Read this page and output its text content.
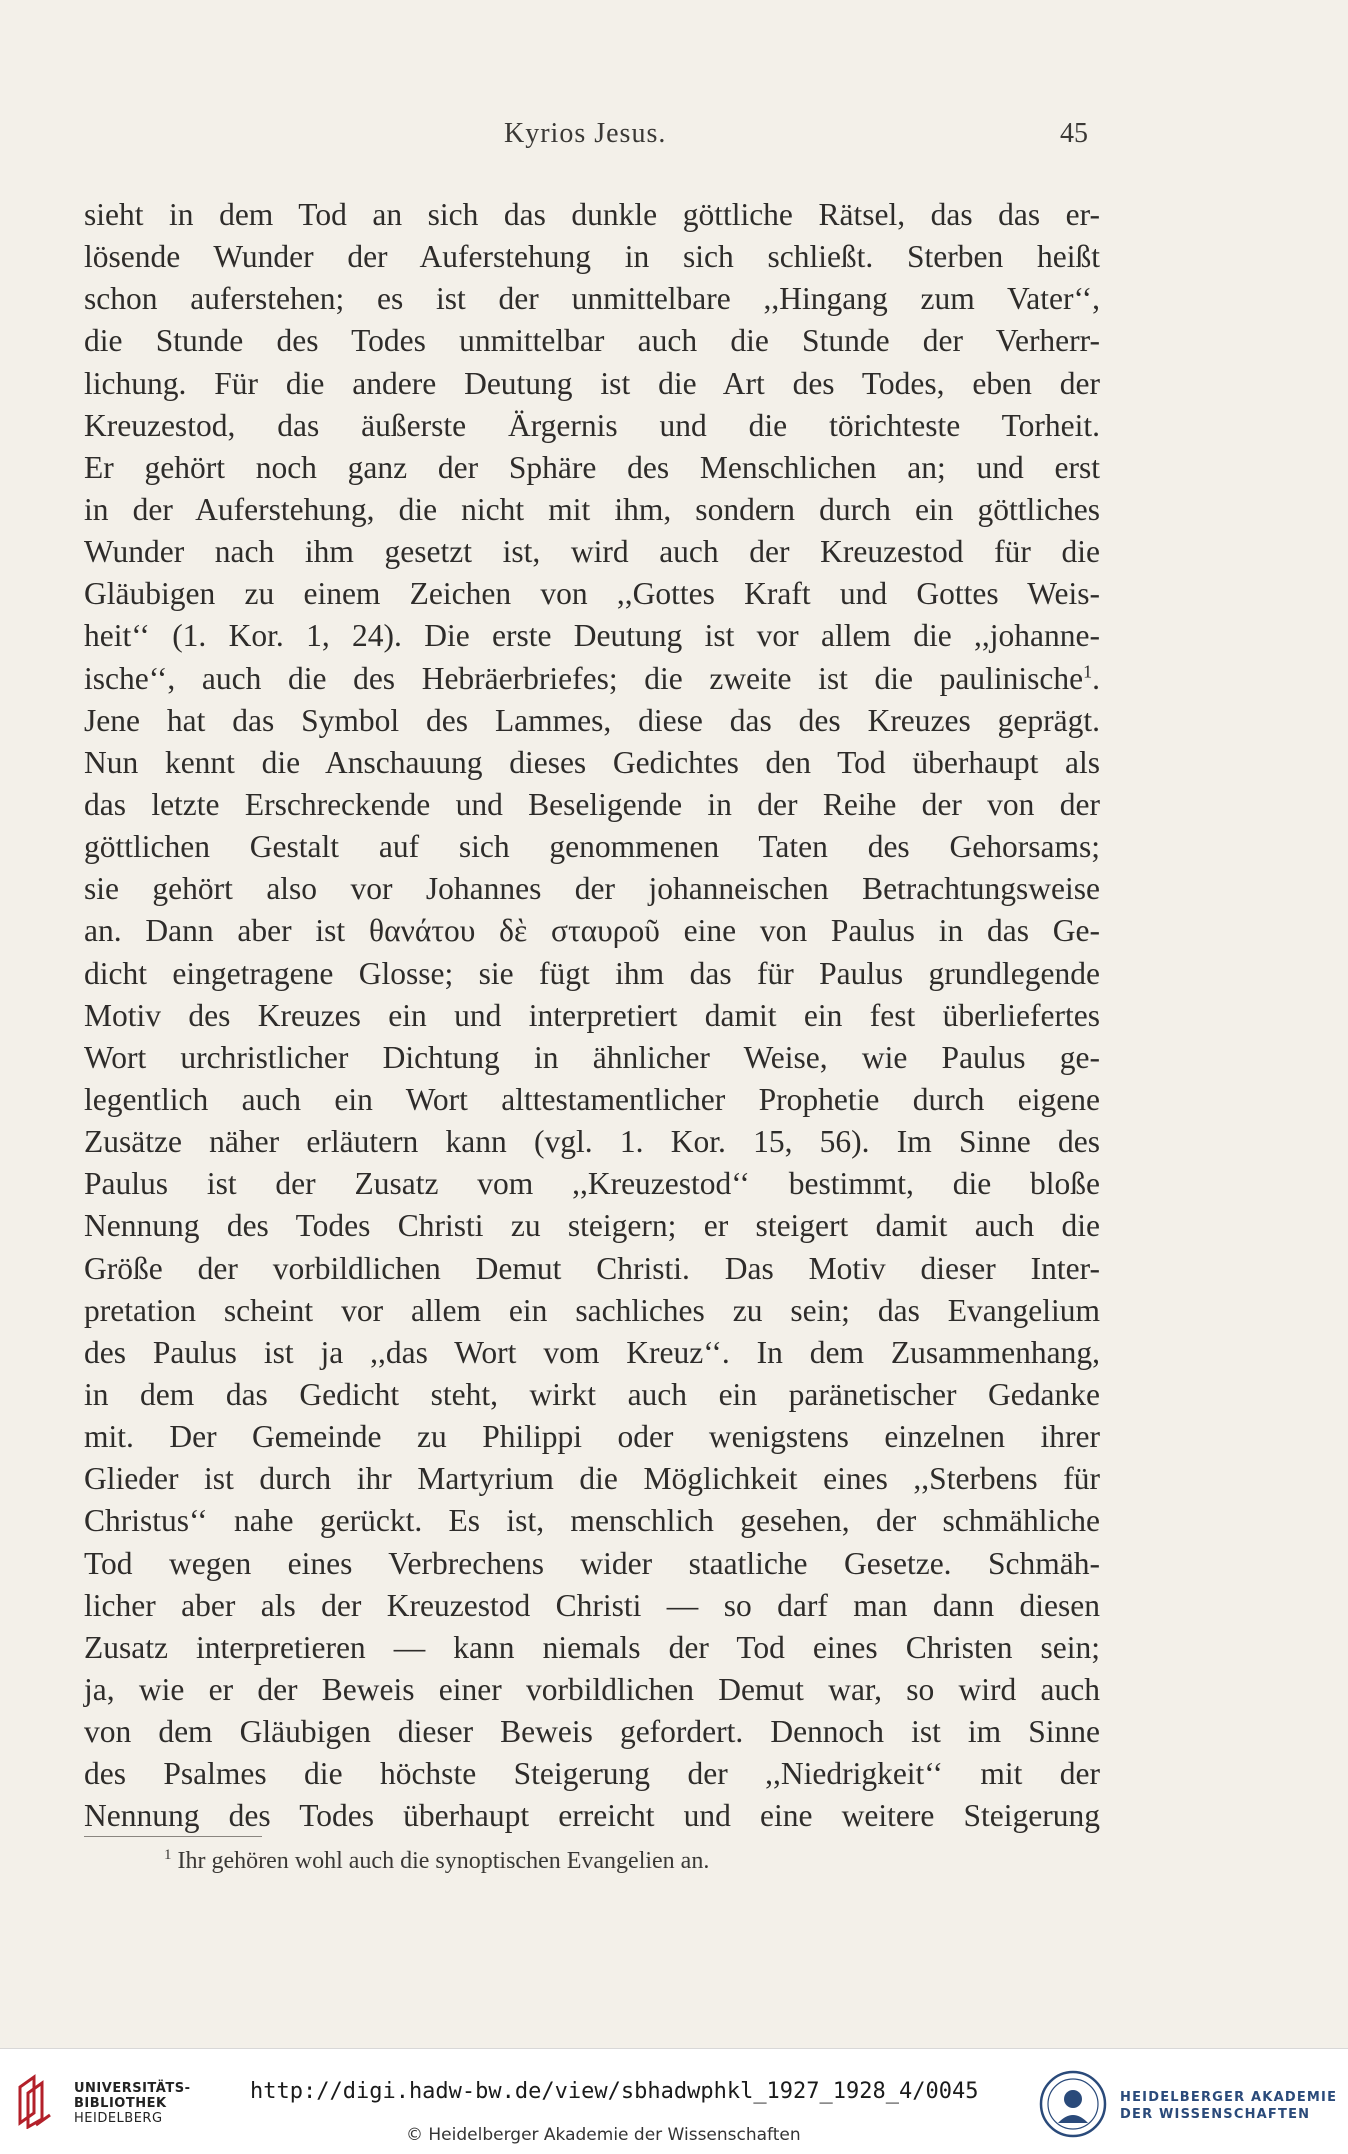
Kyrios Jesus.	45
sieht in dem Tod an sich das dunkle göttliche Rätsel, das das er-
lösende Wunder der Auferstehung in sich schließt. Sterben heißt
schon auferstehen; es ist der unmittelbare ,,Hingang zum Vater‘‘,
die Stunde des Todes unmittelbar auch die Stunde der Verherr-
lichung. Für die andere Deutung ist die Art des Todes, eben der
Kreuzestod, das äußerste Ärgernis und die törichteste Torheit.
Er gehört noch ganz der Sphäre des Menschlichen an; und erst
in der Auferstehung, die nicht mit ihm, sondern durch ein göttliches
Wunder nach ihm gesetzt ist, wird auch der Kreuzestod für die
Gläubigen zu einem Zeichen von ,,Gottes Kraft und Gottes Weis-
heit‘‘ (1. Kor. 1, 24). Die erste Deutung ist vor allem die ,,johanne-
ische‘‘, auch die des Hebräerbriefes; die zweite ist die paulinische$^1$.
Jene hat das Symbol des Lammes, diese das des Kreuzes geprägt.
Nun kennt die Anschauung dieses Gedichtes den Tod überhaupt als
das letzte Erschreckende und Beseligende in der Reihe der von der
göttlichen Gestalt auf sich genommenen Taten des Gehorsams;
sie gehört also vor Johannes der johanneischen Betrachtungsweise
an. Dann aber ist θανάτου δὲ σταυροῦ eine von Paulus in das Ge-
dicht eingetragene Glosse; sie fügt ihm das für Paulus grundlegende
Motiv des Kreuzes ein und interpretiert damit ein fest überliefertes
Wort urchristlicher Dichtung in ähnlicher Weise, wie Paulus ge-
legentlich auch ein Wort alttestamentlicher Prophetie durch eigene
Zusätze näher erläutern kann (vgl. 1. Kor. 15, 56). Im Sinne des
Paulus ist der Zusatz vom ,,Kreuzestod‘‘ bestimmt, die bloße
Nennung des Todes Christi zu steigern; er steigert damit auch die
Größe der vorbildlichen Demut Christi. Das Motiv dieser Inter-
pretation scheint vor allem ein sachliches zu sein; das Evangelium
des Paulus ist ja ,,das Wort vom Kreuz‘‘. In dem Zusammenhang,
in dem das Gedicht steht, wirkt auch ein paränetischer Gedanke
mit. Der Gemeinde zu Philippi oder wenigstens einzelnen ihrer
Glieder ist durch ihr Martyrium die Möglichkeit eines ,,Sterbens für
Christus‘‘ nahe gerückt. Es ist, menschlich gesehen, der schmähliche
Tod wegen eines Verbrechens wider staatliche Gesetze. Schmäh-
licher aber als der Kreuzestod Christi — so darf man dann diesen
Zusatz interpretieren — kann niemals der Tod eines Christen sein;
ja, wie er der Beweis einer vorbildlichen Demut war, so wird auch
von dem Gläubigen dieser Beweis gefordert. Dennoch ist im Sinne
des Psalmes die höchste Steigerung der ,,Niedrigkeit‘‘ mit der
Nennung des Todes überhaupt erreicht und eine weitere Steigerung
$^1$ Ihr gehören wohl auch die synoptischen Evangelien an.
UNIVERSITÄTS-
BIBLIOTHEK
HEIDELBERG
http://digi.hadw-bw.de/view/sbhadwphkl_1927_1928_4/0045
© Heidelberger Akademie der Wissenschaften
HEIDELBERGER AKADEMIE
DER WISSENSCHAFTEN
